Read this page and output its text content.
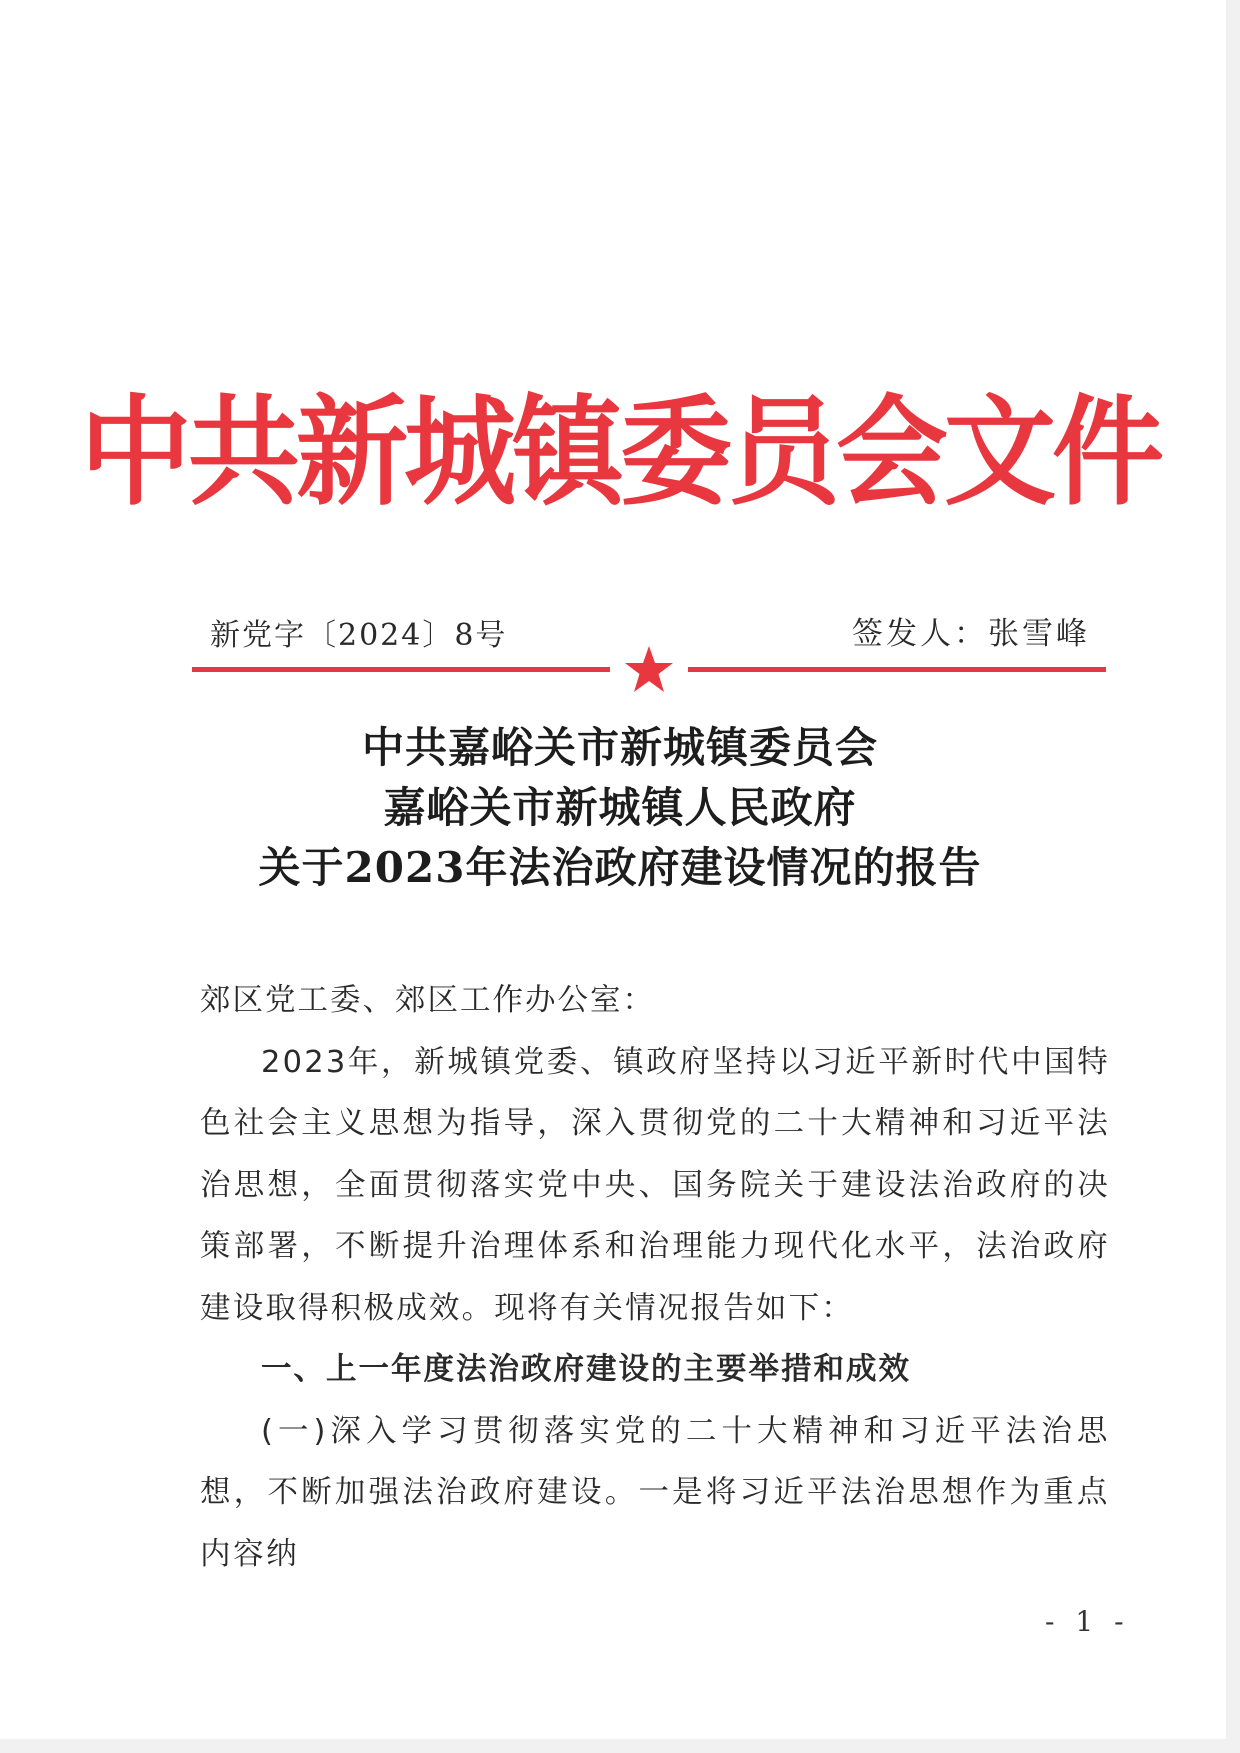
中共新城镇委员会文件
新党字〔2024〕8号	签发人：张雪峰
中共嘉峪关市新城镇委员会
嘉峪关市新城镇人民政府
关于2023年法治政府建设情况的报告

郊区党工委、郊区工作办公室：

2023年，新城镇党委、镇政府坚持以习近平新时代中国特色社会主义思想为指导，深入贯彻党的二十大精神和习近平法治思想，全面贯彻落实党中央、国务院关于建设法治政府的决策部署，不断提升治理体系和治理能力现代化水平，法治政府建设取得积极成效。现将有关情况报告如下：

一、上一年度法治政府建设的主要举措和成效

(一)深入学习贯彻落实党的二十大精神和习近平法治思想，不断加强法治政府建设。一是将习近平法治思想作为重点内容纳

- 1 -
